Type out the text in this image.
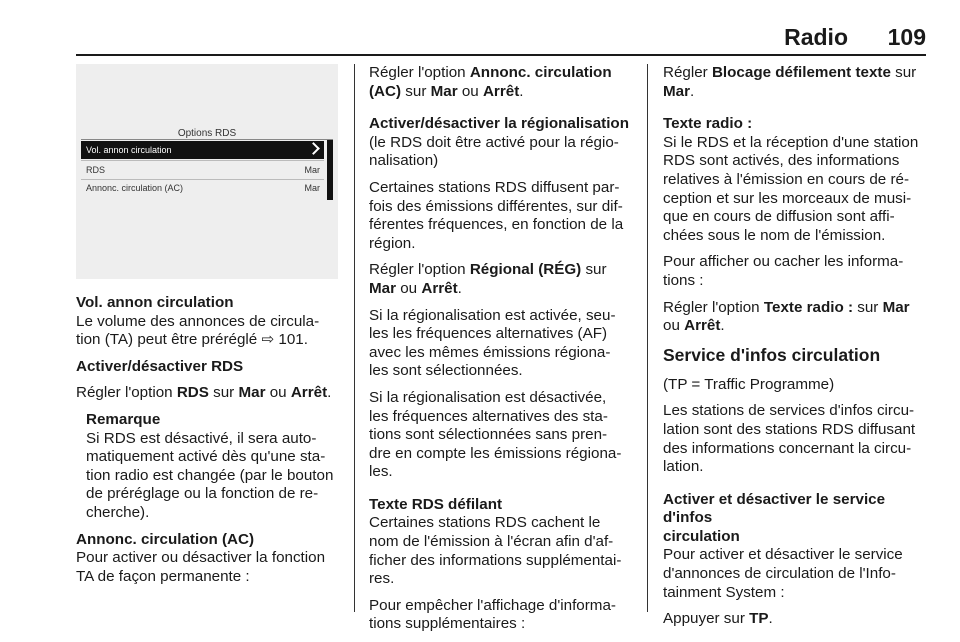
Radio 109
Options RDS
Vol. annon circulation
RDS	Mar
Annonc. circulation (AC)	Mar

Vol. annon circulation
Le volume des annonces de circula-
tion (TA) peut être préréglé ⇨ 101.

Activer/désactiver RDS

Régler l'option RDS sur Mar ou Arrêt.

Remarque
Si RDS est désactivé, il sera auto-
matiquement activé dès qu'une sta-
tion radio est changée (par le bouton
de préréglage ou la fonction de re-
cherche).

Annonc. circulation (AC)
Pour activer ou désactiver la fonction
TA de façon permanente :

Régler l'option Annonc. circulation
(AC) sur Mar ou Arrêt.

Activer/désactiver la régionalisation
(le RDS doit être activé pour la régio-
nalisation)

Certaines stations RDS diffusent par-
fois des émissions différentes, sur dif-
férentes fréquences, en fonction de la
région.

Régler l'option Régional (RÉG) sur
Mar ou Arrêt.

Si la régionalisation est activée, seu-
les les fréquences alternatives (AF)
avec les mêmes émissions régiona-
les sont sélectionnées.

Si la régionalisation est désactivée,
les fréquences alternatives des sta-
tions sont sélectionnées sans pren-
dre en compte les émissions régiona-
les.

Texte RDS défilant
Certaines stations RDS cachent le
nom de l'émission à l'écran afin d'af-
ficher des informations supplémentai-
res.

Pour empêcher l'affichage d'informa-
tions supplémentaires :

Régler Blocage défilement texte sur
Mar.

Texte radio :
Si le RDS et la réception d'une station
RDS sont activés, des informations
relatives à l'émission en cours de ré-
ception et sur les morceaux de musi-
que en cours de diffusion sont affi-
chées sous le nom de l'émission.

Pour afficher ou cacher les informa-
tions :

Régler l'option Texte radio : sur Mar
ou Arrêt.

Service d'infos circulation

(TP = Traffic Programme)

Les stations de services d'infos circu-
lation sont des stations RDS diffusant
des informations concernant la circu-
lation.

Activer et désactiver le service d'infos
circulation
Pour activer et désactiver le service
d'annonces de circulation de l'Info-
tainment System :

Appuyer sur TP.
